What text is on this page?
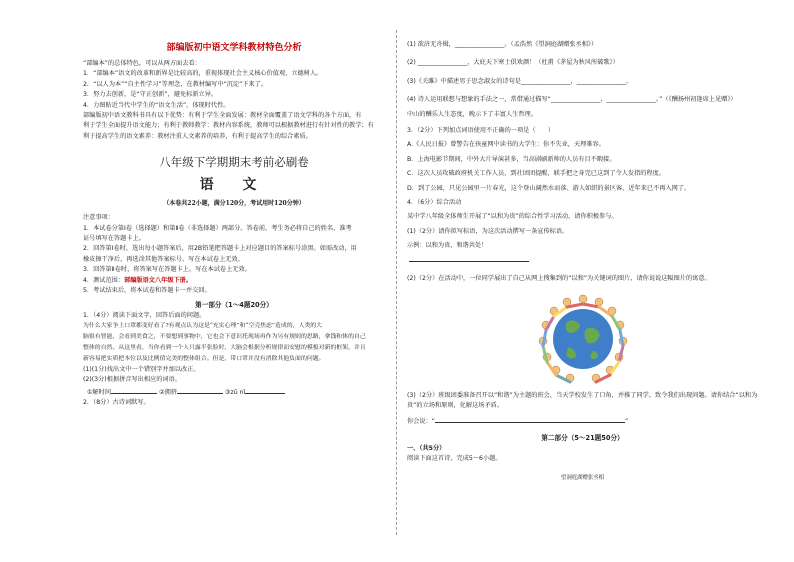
部编版初中语文学科教材特色分析

“部编本”的总体特色，可以从两方面去看：

1．“部编本”语文的改革和新界是比较高的，重视体现社会主义核心价值观，立德树人。

2．“以人为本”“自主性学习”等理念，在教材编写中“沉淀”下来了。

3．努力去创新，是“守正创新”，避免标新立异。

4．力图贴近当代中学生的“语文生活”，体现时代性。

部编版初中语文教科书具有以下优势：有利于学生全面发展：教材全面覆盖了语文学科的各个方面，有

利于学生全面提升语文能力；有利于教师教学：教材内容系统，教师可以根据教材进行有针对性的教学；有

利于提高学生的语文素养：教材注重人文素养的培养，有利于提高学生的综合素质。

八年级下学期期末考前必刷卷
语 文
（本卷共22小题，满分120分，考试用时120分钟）

注意事项：

1．本试卷分第Ⅰ卷（选择题）和第Ⅱ卷（非选择题）两部分。答卷前，考生务必将自己的姓名、准考

证号填写在答题卡上。

2．回答第Ⅰ卷时，选出每小题答案后，用2B铅笔把答题卡上对应题目的答案标号涂黑。如需改动，用

橡皮擦干净后，再选涂其他答案标号。写在本试卷上无效。

3．回答第Ⅱ卷时，将答案写在答题卡上。写在本试卷上无效。

4．测试范围：部编版语文八年级下册。

5．考试结束后，将本试卷和答题卡一并交回。

第一部分（1～4题20分）

1．（4分）阅读下面文字，回答后面的问题。

为什么大家争上口罩都变好看了?有观点认为这是“充实心理”和“空壳焦虑”造成的，人类的大

脑很有智能，会看到美食之，不要想到事物中，它也会下意识托现场再作为另有规则的思路，拿钱和体的自己

整体的自然。从这里看，当你看到一个人只露半张脸时，大脑会根据分析规律而安慰的模板对新的框架，并且

新容易把实质把本位以及比例值完美的整体组合。但是，带口罩并没有消除其他负面的问题。

(1)(1分)找出文中一个错别字并加以改正。

(2)(3分)根据拼音写出相应的词语。

①解时间	②拥挤	③zū nǐ

2．（8分）古诗词默写。

(1) 欲济无舟楫，________________。（孟浩然《望洞庭湖赠张丞相》）

(2) ________________，大庇天下寒士俱欢颜！（杜甫《茅屋为秋风所破歌》）

(3)《关雎》中描述男子思念淑女的诗句是________________，________________。

(4) 诗人运用联想与想象的手法之一，常借通过描写“________________，________________。”（《酬扬州初逢席上见赠》）

中山的酬乐人生态度，晚示下了丰富人生哲理。

3．（2分）下列加点词语使用不正确的一项是（　　）

A.《人民日报》曾警告在孩童网中读书的大学生：你不失业，天理难容。

B．上海电影节期间，中外大片导演甚多，当高剧刷新帅的人员有目不暇接。

C．这次人员攻破政府机关工作人员，到社团团提醒，联手把之身完已这到了令人发指的程度。

D．到了公园，只见公园里一片春光，这个登山阔然水而落、游人如织的景区客，近年来已不再入网了。

4．（6分）综合活动

某中学八年级全体师生开展了“以和为贵”的综合性学习活动，请你积极参与。

(1)（2分）请你拟写标语，为这次活动撰写一条宣传标语。

示例：以和为贵，和谐共处！

(2)（2分）在活动中，一位同学展出了自己从网上搜集到的“以和”为关键词的图片，请你说说这幅图片的寓意。

(3)（2分）班级团委准备召开以“和谐”为主题的班会，当天学校发生了口角，并推了同学，致令我们出现问题。请你结合“以和为贵”的立场和原则，化解这场矛盾。

你会说：“	”

第二部分（5～21题50分）

一、（共5分）

阅读下面这首诗，完成5～6小题。

望洞庭湖赠张丞相
